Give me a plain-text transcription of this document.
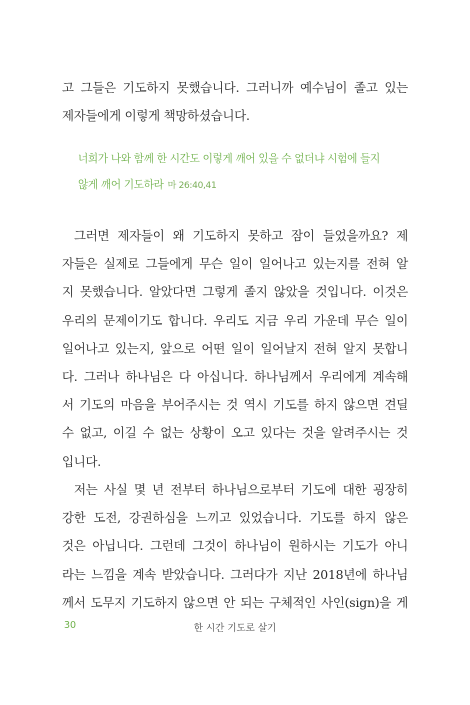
고 그들은 기도하지 못했습니다. 그러니까 예수님이 졸고 있는
제자들에게 이렇게 책망하셨습니다.
너희가 나와 함께 한 시간도 이렇게 깨어 있을 수 없더냐 시험에 들지
않게 깨어 기도하라 마 26:40,41
그러면 제자들이 왜 기도하지 못하고 잠이 들었을까요? 제
자들은 실제로 그들에게 무슨 일이 일어나고 있는지를 전혀 알
지 못했습니다. 알았다면 그렇게 졸지 않았을 것입니다. 이것은
우리의 문제이기도 합니다. 우리도 지금 우리 가운데 무슨 일이
일어나고 있는지, 앞으로 어떤 일이 일어날지 전혀 알지 못합니
다. 그러나 하나님은 다 아십니다. 하나님께서 우리에게 계속해
서 기도의 마음을 부어주시는 것 역시 기도를 하지 않으면 견딜
수 없고, 이길 수 없는 상황이 오고 있다는 것을 알려주시는 것
입니다.
저는 사실 몇 년 전부터 하나님으로부터 기도에 대한 굉장히
강한 도전, 강권하심을 느끼고 있었습니다. 기도를 하지 않은
것은 아닙니다. 그런데 그것이 하나님이 원하시는 기도가 아니
라는 느낌을 계속 받았습니다. 그러다가 지난 2018년에 하나님
께서 도무지 기도하지 않으면 안 되는 구체적인 사인(sign)을 게
30	한 시간 기도로 살기
